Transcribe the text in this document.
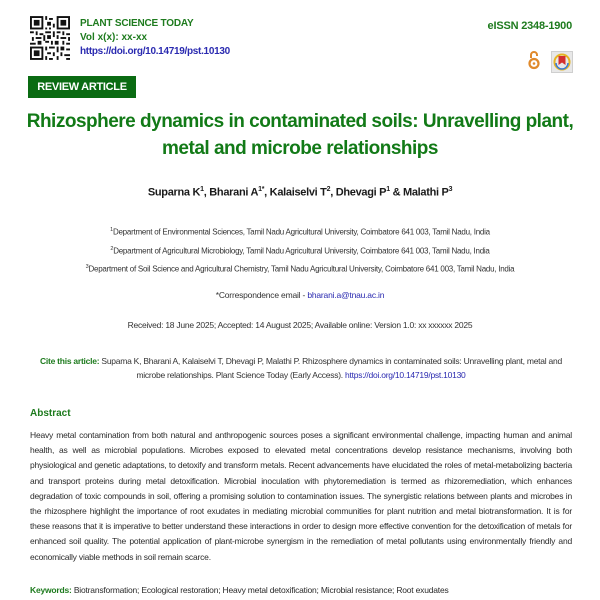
PLANT SCIENCE TODAY
Vol x(x): xx-xx
https://doi.org/10.14719/pst.10130
eISSN 2348-1900
REVIEW ARTICLE
Rhizosphere dynamics in contaminated soils: Unravelling plant,
metal and microbe relationships
Suparna $K^1$, Bharani $A^{1*}$, Kalaiselvi $T^2$, Dhevagi $P^1$ & Malathi $P^3$
$^1$Department of Environmental Sciences, Tamil Nadu Agricultural University, Coimbatore 641 003, Tamil Nadu, India
$^2$Department of Agricultural Microbiology, Tamil Nadu Agricultural University, Coimbatore 641 003, Tamil Nadu, India
$^3$Department of Soil Science and Agricultural Chemistry, Tamil Nadu Agricultural University, Coimbatore 641 003, Tamil Nadu, India
*Correspondence email - bharani.a@tnau.ac.in
Received: 18 June 2025; Accepted: 14 August 2025; Available online: Version 1.0: xx xxxxxx 2025
Cite this article: Supama K, Bharani A, Kalaiselvi T, Dhevagi P, Malathi P. Rhizosphere dynamics in contaminated soils: Unravelling plant, metal and microbe relationships. Plant Science Today (Early Access). https://doi.org/10.14719/pst.10130
Abstract
Heavy metal contamination from both natural and anthropogenic sources poses a significant environmental challenge, impacting human and animal health, as well as microbial populations. Microbes exposed to elevated metal concentrations develop resistance mechanisms, involving both physiological and genetic adaptations, to detoxify and transform metals. Recent advancements have elucidated the roles of metal-metabolizing bacteria and transport proteins during metal detoxification. Microbial inoculation with phytoremediation is termed as rhizoremediation, which enhances degradation of toxic compounds in soil, offering a promising solution to contamination issues. The synergistic relations between plants and microbes in the rhizosphere highlight the importance of root exudates in mediating microbial communities for plant nutrition and metal biotransformation. It is for these reasons that it is imperative to better understand these interactions in order to design more effective convention for the detoxification of metals for enhanced soil quality. The potential application of plant-microbe synergism in the remediation of metal pollutants using environmentally friendly and economically viable methods in soil remain scarce.
Keywords: Biotransformation; Ecological restoration; Heavy metal detoxification; Microbial resistance; Root exudates
